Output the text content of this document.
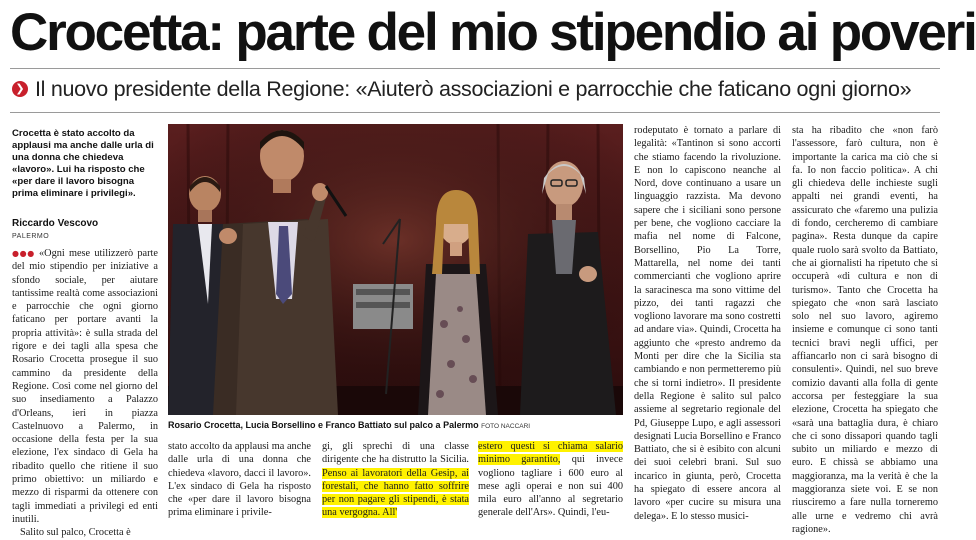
Crocetta: parte del mio stipendio ai poveri
❯ Il nuovo presidente della Regione: «Aiuterò associazioni e parrocchie che faticano ogni giorno»
Crocetta è stato accolto da applausi ma anche dalle urla di una donna che chiedeva «lavoro». Lui ha risposto che «per dare il lavoro bisogna prima eliminare i privilegi».
Riccardo Vescovo
PALERMO

●●● «Ogni mese utilizzerò parte del mio stipendio per iniziative a sfondo sociale, per aiutare tantissime realtà come associazioni e parrocchie che ogni giorno faticano per portare avanti la propria attività»: è sulla strada del rigore e dei tagli alla spesa che Rosario Crocetta prosegue il suo cammino da presidente della Regione. Così come nel giorno del suo insediamento a Palazzo d'Orleans, ieri in piazza Castelnuovo a Palermo, in occasione della festa per la sua elezione, l'ex sindaco di Gela ha ribadito quello che ritiene il suo primo obiettivo: un miliardo e mezzo di risparmi da ottenere con tagli immediati a privilegi ed enti inutili.

Salito sul palco, Crocetta è

Rosario Crocetta, Lucia Borsellino e Franco Battiato sul palco a Palermo FOTO NACCARI

stato accolto da applausi ma anche dalle urla di una donna che chiedeva «lavoro, dacci il lavoro». L'ex sindaco di Gela ha risposto che «per dare il lavoro bisogna prima eliminare i privile-

gi, gli sprechi di una classe dirigente che ha distrutto la Sicilia. Penso ai lavoratori della Gesip, ai forestali, che hanno fatto soffrire per non pagare gli stipendi, è stata una vergogna. All'

estero questi si chiama salario minimo garantito, qui invece vogliono tagliare i 600 euro al mese agli operai e non sui 400 mila euro all'anno al segretario generale dell'Ars». Quindi, l'eu-

rodeputato è tornato a parlare di legalità: «Tantinon si sono accorti che stiamo facendo la rivoluzione. E non lo capiscono neanche al Nord, dove continuano a usare un linguaggio razzista. Ma devono sapere che i siciliani sono persone per bene, che vogliono cacciare la mafia nel nome di Falcone, Borsellino, Pio La Torre, Mattarella, nel nome dei tanti commercianti che vogliono aprire la saracinesca ma sono vittime del pizzo, dei tanti ragazzi che vogliono lavorare ma sono costretti ad andare via». Quindi, Crocetta ha aggiunto che «presto andremo da Monti per dire che la Sicilia sta cambiando e non permetteremo più che si torni indietro». Il presidente della Regione è salito sul palco assieme al segretario regionale del Pd, Giuseppe Lupo, e agli assessori designati Lucia Borsellino e Franco Battiato, che si è esibito con alcuni dei suoi celebri brani. Sul suo incarico in giunta, però, Crocetta ha spiegato di essere ancora al lavoro «per cucire su misura una delega». E lo stesso musici-

sta ha ribadito che «non farò l'assessore, farò cultura, non è importante la carica ma ciò che si fa. Io non faccio politica». A chi gli chiedeva delle inchieste sugli appalti nei grandi eventi, ha assicurato che «faremo una pulizia di fondo, cercheremo di cambiare pagina». Resta dunque da capire quale ruolo sarà svolto da Battiato, che ai giornalisti ha ripetuto che si occuperà «di cultura e non di turismo». Tanto che Crocetta ha spiegato che «non sarà lasciato solo nel suo lavoro, agiremo insieme e comunque ci sono tanti tecnici bravi negli uffici, per affiancarlo non ci sarà bisogno di consulenti». Quindi, nel suo breve comizio davanti alla folla di gente accorsa per festeggiare la sua elezione, Crocetta ha spiegato che «sarà una battaglia dura, è chiaro che ci sono dissapori quando tagli subito un miliardo e mezzo di euro. E chissà se abbiamo una maggioranza, ma la verità è che la maggioranza siete voi. E se non riusciremo a fare nulla torneremo alle urne e vedremo chi avrà ragione».
